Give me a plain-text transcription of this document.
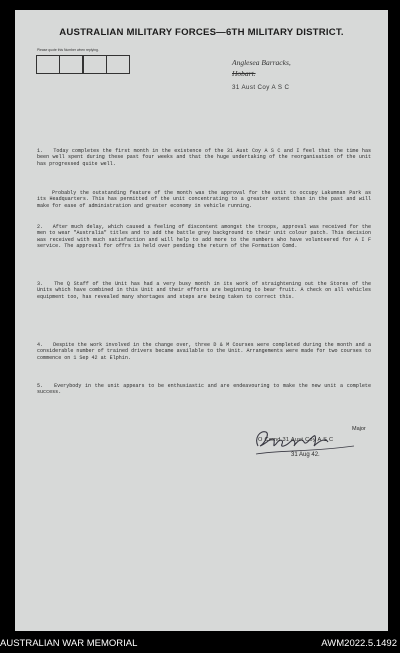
AUSTRALIAN MILITARY FORCES—6TH MILITARY DISTRICT.
Please quote this Number when replying.
Anglesea Barracks,
Hobart.
31 Aust Coy A S C
1. Today completes the first month in the existence of the 31 Aust Coy A S C and I feel that the time has been well spent during these past four weeks and that the huge undertaking of the reorganisation of the unit has progressed quite well.
Probably the outstanding feature of the month was the approval for the unit to occupy Lakumnan Park as its Headquarters. This has permitted of the unit concentrating to a greater extent than in the past and will make for ease of administration and greater economy in vehicle running.
2. After much delay, which caused a feeling of discontent amongst the troops, approval was received for the men to wear "Australia" titles and to add the battle grey background to their unit colour patch. This decision was received with much satisfaction and will help to add more to the numbers who have volunteered for A I F service. The approval for offrs is held over pending the return of the Formation Comd.
3. The Q Staff of the Unit has had a very busy month in its work of straightening out the Stores of the Units which have combined in this Unit and their efforts are beginning to bear fruit. A check on all vehicles equipment too, has revealed many shortages and steps are being taken to correct this.
4. Despite the work involved in the change over, three D & M Courses were completed during the month and a considerable number of trained drivers became available to the Unit. Arrangements were made for two courses to commence on 1 Sep 42 at Elphin.
5. Everybody in the unit appears to be enthusiastic and are endeavouring to make the new unit a complete success.
Major
O Comd 31 Aust Coy A S C
31 Aug 42.
AUSTRALIAN WAR MEMORIAL	AWM2022.5.1492
